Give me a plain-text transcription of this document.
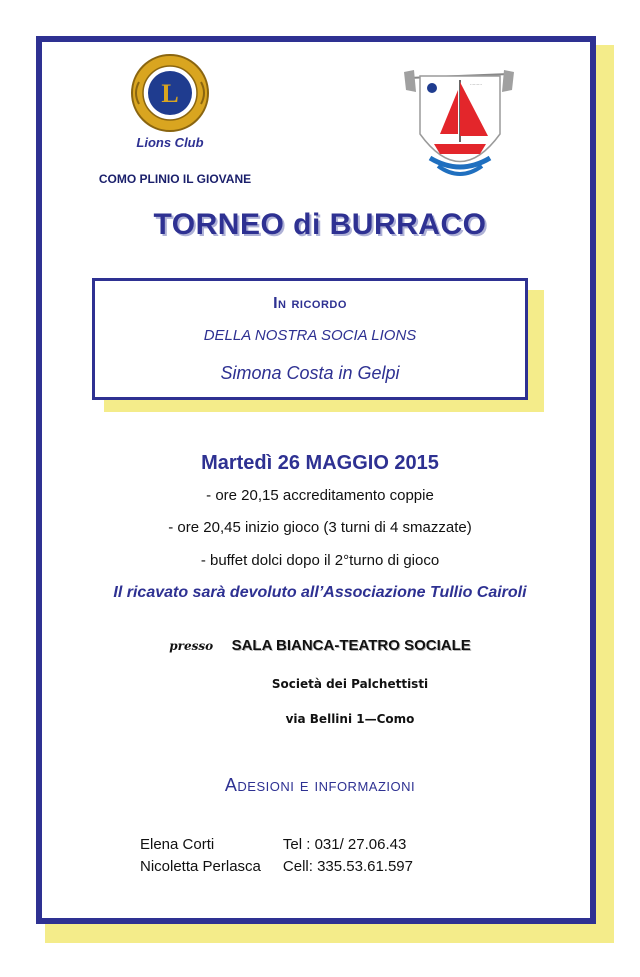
L
Lions Club
COMO PLINIO IL GIOVANE
·········
TORNEO di BURRACO
In ricordo
DELLA NOSTRA SOCIA LIONS
Simona Costa in Gelpi
Martedì 26 MAGGIO 2015
- ore 20,15 accreditamento coppie
- ore 20,45 inizio gioco (3 turni di 4 smazzate)
- buffet dolci dopo il 2°turno di gioco
Il ricavato sarà devoluto all’Associazione Tullio Cairoli
presso SALA BIANCA-TEATRO SOCIALE
Società dei Palchettisti
via Bellini 1—Como
Adesioni e informazioni
Elena Corti	Tel : 031/ 27.06.43
Nicoletta Perlasca	Cell: 335.53.61.597
